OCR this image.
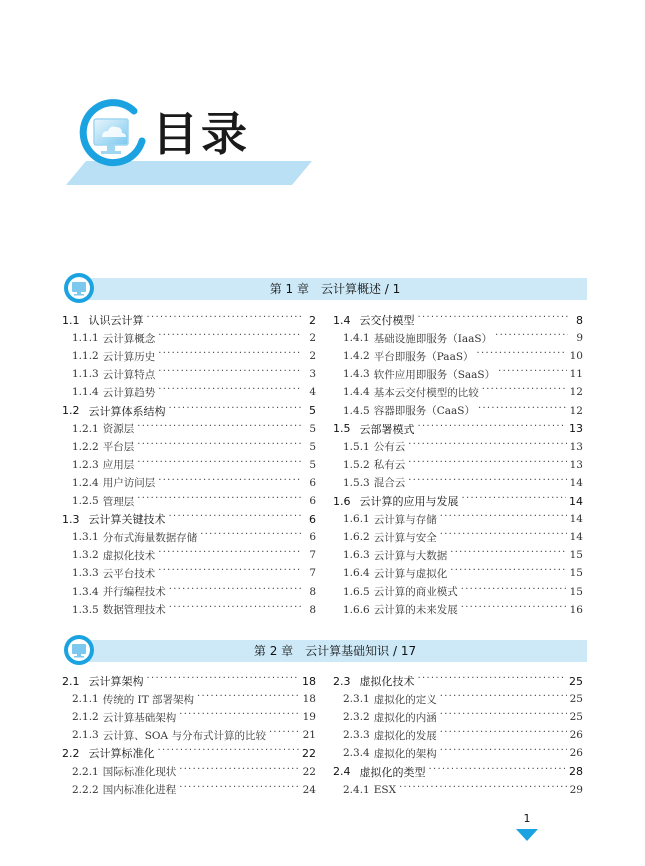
目录
第 1 章　云计算概述 / 1
1.1 认识云计算 ·····	2
1.1.1 云计算概念 ·····	2
1.1.2 云计算历史 ·····	2
1.1.3 云计算特点 ·····	3
1.1.4 云计算趋势 ·····	4
1.2 云计算体系结构 ·····	5
1.2.1 资源层 ·····	5
1.2.2 平台层 ·····	5
1.2.3 应用层 ·····	5
1.2.4 用户访问层 ·····	6
1.2.5 管理层 ·····	6
1.3 云计算关键技术 ·····	6
1.3.1 分布式海量数据存储 ·····	6
1.3.2 虚拟化技术 ·····	7
1.3.3 云平台技术 ·····	7
1.3.4 并行编程技术 ·····	8
1.3.5 数据管理技术 ·····	8
1.4 云交付模型 ·····	8
1.4.1 基础设施即服务（IaaS） ·····	9
1.4.2 平台即服务（PaaS） ·····	10
1.4.3 软件应用即服务（SaaS） ·····	11
1.4.4 基本云交付模型的比较 ·····	12
1.4.5 容器即服务（CaaS） ·····	12
1.5 云部署模式 ·····	13
1.5.1 公有云 ·····	13
1.5.2 私有云 ·····	13
1.5.3 混合云 ·····	14
1.6 云计算的应用与发展 ·····	14
1.6.1 云计算与存储 ·····	14
1.6.2 云计算与安全 ·····	14
1.6.3 云计算与大数据 ·····	15
1.6.4 云计算与虚拟化 ·····	15
1.6.5 云计算的商业模式 ·····	15
1.6.6 云计算的未来发展 ·····	16
第 2 章　云计算基础知识 / 17
2.1 云计算架构 ·····	18
2.1.1 传统的 IT 部署架构 ·····	18
2.1.2 云计算基础架构 ·····	19
2.1.3 云计算、SOA 与分布式计算的比较 ·····	21
2.2 云计算标准化 ·····	22
2.2.1 国际标准化现状 ·····	22
2.2.2 国内标准化进程 ·····	24
2.3 虚拟化技术 ·····	25
2.3.1 虚拟化的定义 ·····	25
2.3.2 虚拟化的内涵 ·····	25
2.3.3 虚拟化的发展 ·····	26
2.3.4 虚拟化的架构 ·····	26
2.4 虚拟化的类型 ·····	28
2.4.1 ESX ·····	29
1
